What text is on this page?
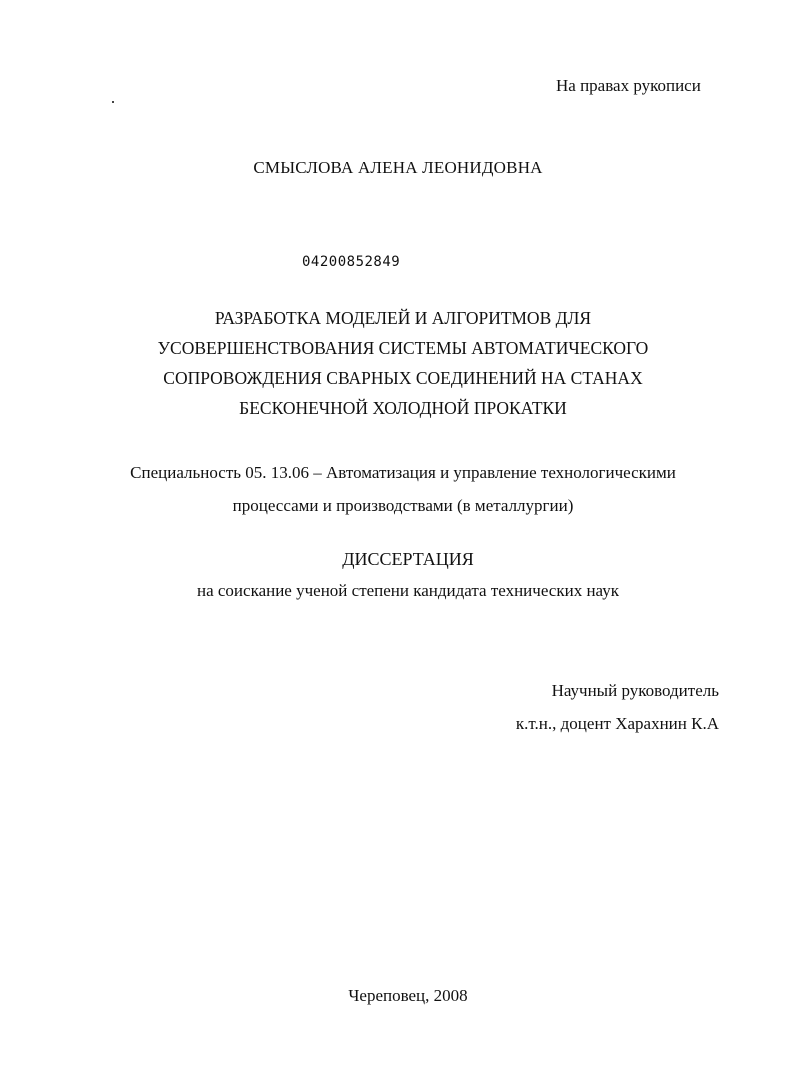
На правах рукописи
СМЫСЛОВА АЛЕНА ЛЕОНИДОВНА
04200852849
РАЗРАБОТКА МОДЕЛЕЙ И АЛГОРИТМОВ ДЛЯ
УСОВЕРШЕНСТВОВАНИЯ СИСТЕМЫ АВТОМАТИЧЕСКОГО
СОПРОВОЖДЕНИЯ СВАРНЫХ СОЕДИНЕНИЙ НА СТАНАХ
БЕСКОНЕЧНОЙ ХОЛОДНОЙ ПРОКАТКИ
Специальность 05. 13.06 – Автоматизация и управление технологическими
процессами и производствами (в металлургии)
ДИССЕРТАЦИЯ
на соискание ученой степени кандидата технических наук
Научный руководитель
к.т.н., доцент Харахнин К.А
Череповец, 2008
